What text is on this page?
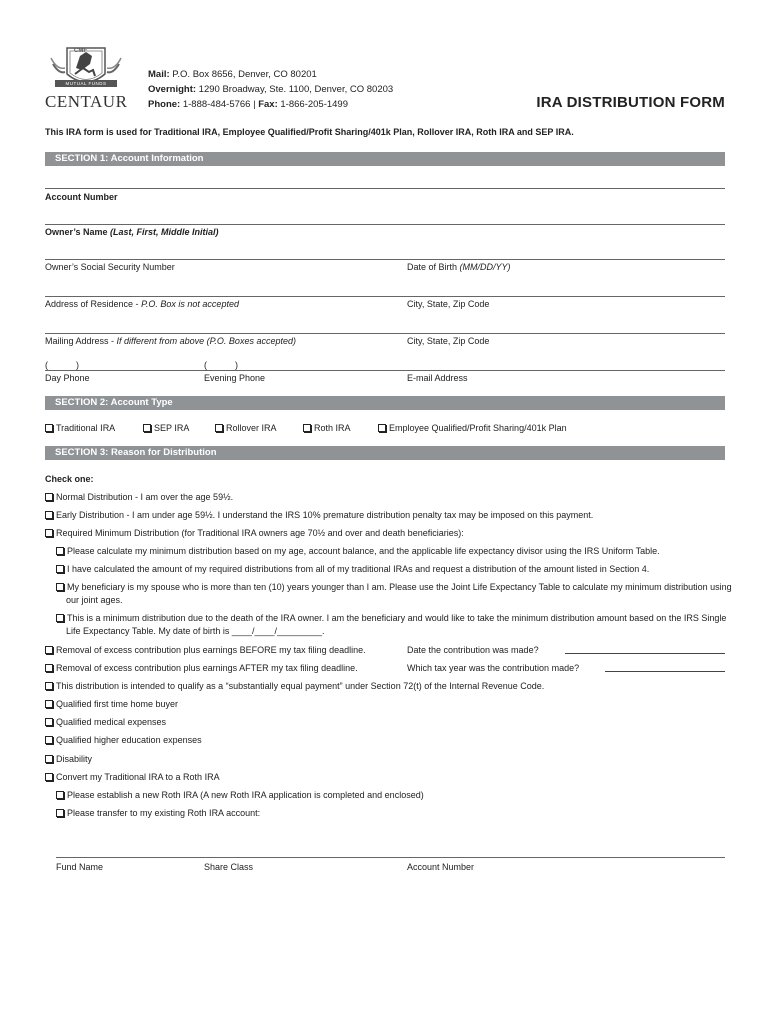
CMF
MUTUAL FUNDS
CENTAUR
Mail: P.O. Box 8656, Denver, CO 80201
Overnight: 1290 Broadway, Ste. 1100, Denver, CO 80203
Phone: 1-888-484-5766 | Fax: 1-866-205-1499	IRA DISTRIBUTION FORM
This IRA form is used for Traditional IRA, Employee Qualified/Profit Sharing/401k Plan, Rollover IRA, Roth IRA and SEP IRA.
SECTION 1: Account Information
Account Number
Owner’s Name (Last, First, Middle Initial)
Owner’s Social Security Number	Date of Birth (MM/DD/YY)
Address of Residence - P.O. Box is not accepted	City, State, Zip Code
Mailing Address - If different from above (P.O. Boxes accepted)	City, State, Zip Code
(	)	(	)
Day Phone	Evening Phone	E-mail Address
SECTION 2: Account Type
Traditional IRA	SEP IRA	Rollover IRA	Roth IRA	Employee Qualified/Profit Sharing/401k Plan
SECTION 3: Reason for Distribution
Check one:
Normal Distribution - I am over the age 59½.
Early Distribution - I am under age 59½. I understand the IRS 10% premature distribution penalty tax may be imposed on this payment.
Required Minimum Distribution (for Traditional IRA owners age 70½ and over and death beneficiaries):
Please calculate my minimum distribution based on my age, account balance, and the applicable life expectancy divisor using the IRS Uniform Table.
I have calculated the amount of my required distributions from all of my traditional IRAs and request a distribution of the amount listed in Section 4.
My beneficiary is my spouse who is more than ten (10) years younger than I am. Please use the Joint Life Expectancy Table to calculate my minimum distribution using our joint ages.
This is a minimum distribution due to the death of the IRA owner. I am the beneficiary and would like to take the minimum distribution amount based on the IRS Single Life Expectancy Table. My date of birth is ____/____/_________.
Removal of excess contribution plus earnings BEFORE my tax filing deadline.	Date the contribution was made?
Removal of excess contribution plus earnings AFTER my tax filing deadline.	Which tax year was the contribution made?
This distribution is intended to qualify as a “substantially equal payment” under Section 72(t) of the Internal Revenue Code.
Qualified first time home buyer
Qualified medical expenses
Qualified higher education expenses
Disability
Convert my Traditional IRA to a Roth IRA
Please establish a new Roth IRA (A new Roth IRA application is completed and enclosed)
Please transfer to my existing Roth IRA account:
Fund Name	Share Class	Account Number
